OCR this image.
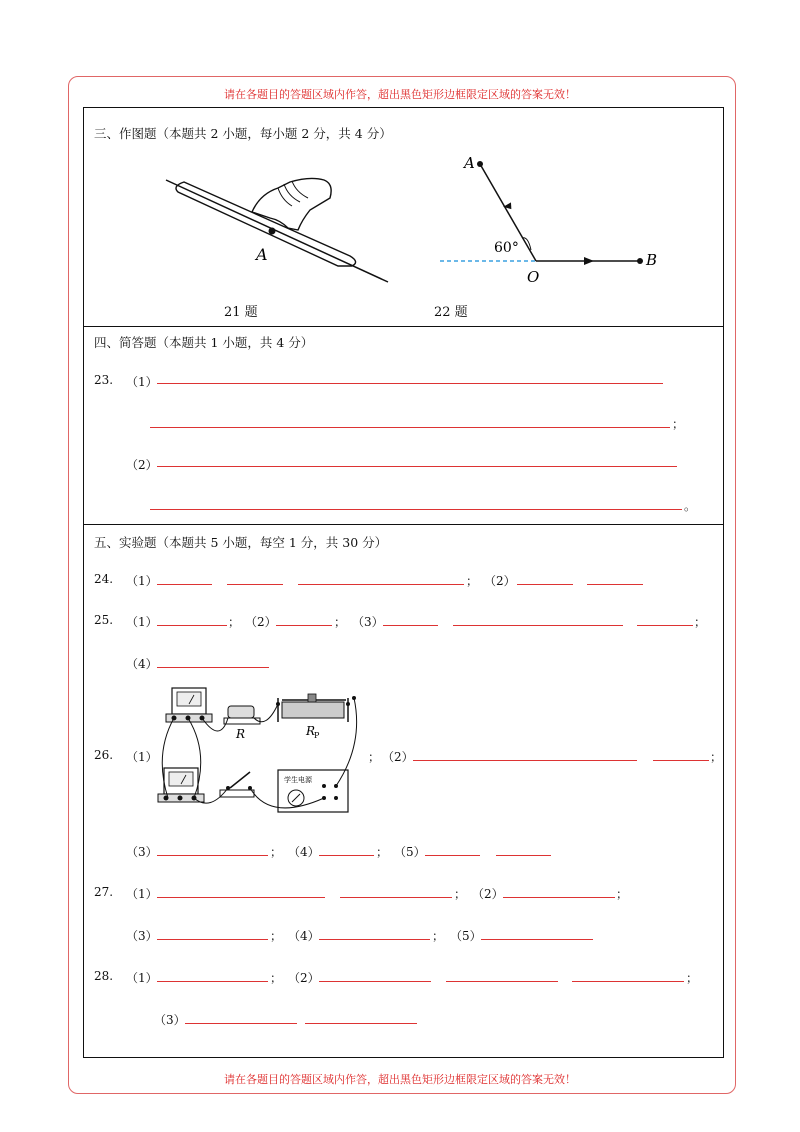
请在各题目的答题区域内作答，超出黑色矩形边框限定区域的答案无效！
请在各题目的答题区域内作答，超出黑色矩形边框限定区域的答案无效！
三、作图题（本题共 2 小题，每小题 2 分，共 4 分）
A
21 题
A
O
B
60°
22 题
四、简答题（本题共 1 小题，共 4 分）
23. （1）
；
（2）
。
五、实验题（本题共 5 小题，每空 1 分，共 30 分）
24. （1）	； （2）
25. （1）	； （2）	； （3）	；
（4）
R	R
P
学生电源
26. （1）	； （2）	；
（3）	； （4）	； （5）
27. （1）	； （2）	；
（3）	； （4）	； （5）
28. （1）	； （2）	；
（3）
